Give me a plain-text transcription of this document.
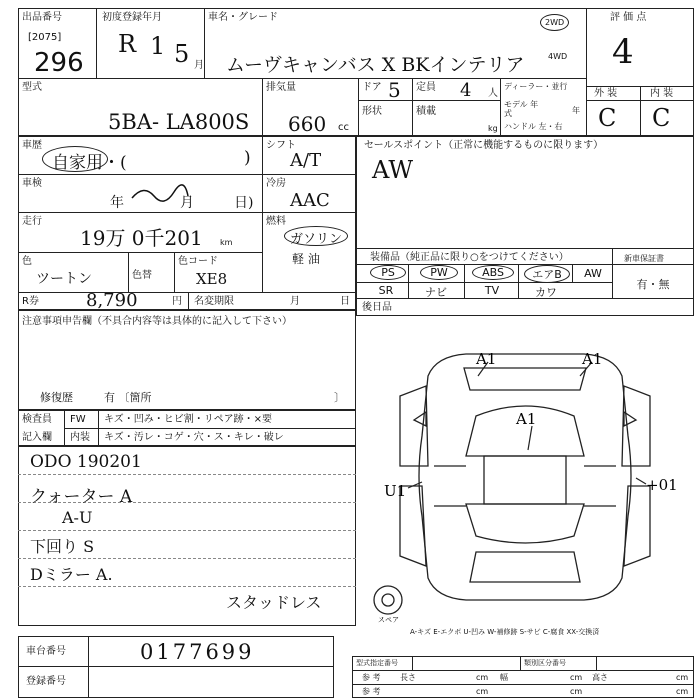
出品番号
[2075]
296
初度登録年月
R 1 5 月
車名・グレード
ムーヴキャンバス X BKインテリア
2WD
4WD
評 価 点
4
型式
5BA- LA800S
排気量
660 cc
ドア 5 定員 4 人
形状	積載
kg
ディーラー・並行
モデル 年式	年
ハンドル 左・右
外 装	内 装
C C
車歴
自家用・(	)
シフト
A/T
車検
年	月	日)
冷房
AAC
走行
19万 0千201 km
燃料
ガソリン
軽 油
色
ツートン	色替
色コード
XE8
R券	8,790	円 名変期限	月	日
セールスポイント（正常に機能するものに限ります）
AW
装備品（純正品に限り○をつけてください）	新車保証書
PS	PW	ABS	エアB	AW
SR	ナビ	TV	カワ
有・無
後日品
注意事項申告欄（不具合内容等は具体的に記入して下さい）
修復歴	有 〔箇所	〕
検査員
記入欄
FW キズ・凹み・ヒビ割・リペア跡・×要
内装 キズ・汚レ・コゲ・穴・ス・キレ・破レ
ODO 190201
クォーター A
A-U
下回り S
Dミラー A.
スタッドレス
A1	A1
A1
U1	+01
スペア
A-キズ E-エクボ U-凹み W-補修跡 S-サビ C-腐食 XX-交換済
車台番号	0177699
登録番号
型式指定番号	類別区分番号
参 考 長さ	cm 幅	cm 高さ	cm
参 考	cm	cm	cm
